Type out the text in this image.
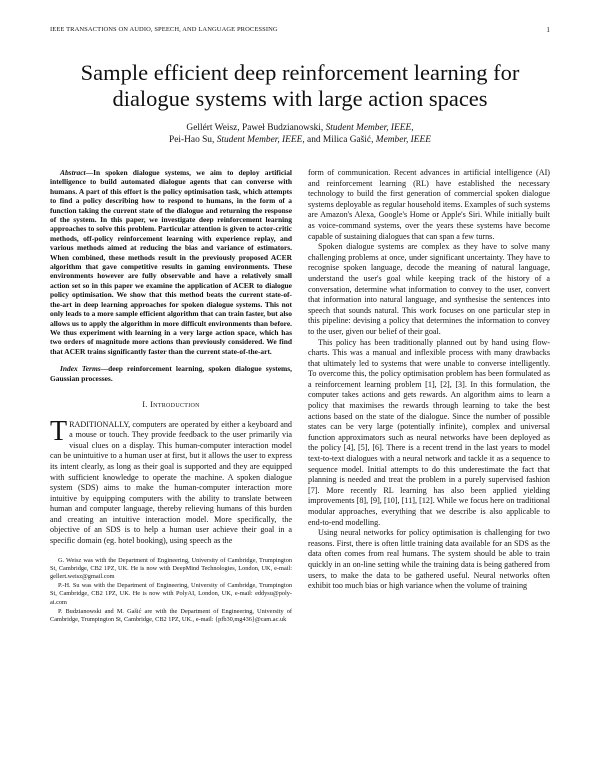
IEEE TRANSACTIONS ON AUDIO, SPEECH, AND LANGUAGE PROCESSING	1
Sample efficient deep reinforcement learning for dialogue systems with large action spaces
Gellért Weisz, Paweł Budzianowski, Student Member, IEEE,
Pei-Hao Su, Student Member, IEEE, and Milica Gašić, Member, IEEE

Abstract—In spoken dialogue systems, we aim to deploy artificial intelligence to build automated dialogue agents that can converse with humans. A part of this effort is the policy optimisation task, which attempts to find a policy describing how to respond to humans, in the form of a function taking the current state of the dialogue and returning the response of the system. In this paper, we investigate deep reinforcement learning approaches to solve this problem. Particular attention is given to actor-critic methods, off-policy reinforcement learning with experience replay, and various methods aimed at reducing the bias and variance of estimators. When combined, these methods result in the previously proposed ACER algorithm that gave competitive results in gaming environments. These environments however are fully observable and have a relatively small action set so in this paper we examine the application of ACER to dialogue policy optimisation. We show that this method beats the current state-of-the-art in deep learning approaches for spoken dialogue systems. This not only leads to a more sample efficient algorithm that can train faster, but also allows us to apply the algorithm in more difficult environments than before. We thus experiment with learning in a very large action space, which has two orders of magnitude more actions than previously considered. We find that ACER trains significantly faster than the current state-of-the-art.

Index Terms—deep reinforcement learning, spoken dialogue systems, Gaussian processes.

I. Introduction

TRADITIONALLY, computers are operated by either a keyboard and a mouse or touch. They provide feedback to the user primarily via visual clues on a display. This human-computer interaction model can be unintuitive to a human user at first, but it allows the user to express its intent clearly, as long as their goal is supported and they are equipped with sufficient knowledge to operate the machine. A spoken dialogue system (SDS) aims to make the human-computer interaction more intuitive by equipping computers with the ability to translate between human and computer language, thereby relieving humans of this burden and creating an intuitive interaction model. More specifically, the objective of an SDS is to help a human user achieve their goal in a specific domain (eg. hotel booking), using speech as the

G. Weisz was with the Department of Engineering, University of Cambridge, Trumpington St, Cambridge, CB2 1PZ, UK. He is now with DeepMind Technologies, London, UK, e-mail: gellert.weisz@gmail.com

P.-H. Su was with the Department of Engineering, University of Cambridge, Trumpington St, Cambridge, CB2 1PZ, UK. He is now with PolyAI, London, UK, e-mail: eddysu@poly-ai.com

P. Budzianowski and M. Gašić are with the Department of Engineering, University of Cambridge, Trumpington St, Cambridge, CB2 1PZ, UK., e-mail: {pfb30,mg436}@cam.ac.uk

form of communication. Recent advances in artificial intelligence (AI) and reinforcement learning (RL) have established the necessary technology to build the first generation of commercial spoken dialogue systems deployable as regular household items. Examples of such systems are Amazon's Alexa, Google's Home or Apple's Siri. While initially built as voice-command systems, over the years these systems have become capable of sustaining dialogues that can span a few turns.

Spoken dialogue systems are complex as they have to solve many challenging problems at once, under significant uncertainty. They have to recognise spoken language, decode the meaning of natural language, understand the user's goal while keeping track of the history of a conversation, determine what information to convey to the user, convert that information into natural language, and synthesise the sentences into speech that sounds natural. This work focuses on one particular step in this pipeline: devising a policy that determines the information to convey to the user, given our belief of their goal.

This policy has been traditionally planned out by hand using flow-charts. This was a manual and inflexible process with many drawbacks that ultimately led to systems that were unable to converse intelligently. To overcome this, the policy optimisation problem has been formulated as a reinforcement learning problem [1], [2], [3]. In this formulation, the computer takes actions and gets rewards. An algorithm aims to learn a policy that maximises the rewards through learning to take the best actions based on the state of the dialogue. Since the number of possible states can be very large (potentially infinite), complex and universal function approximators such as neural networks have been deployed as the policy [4], [5], [6]. There is a recent trend in the last years to model text-to-text dialogues with a neural network and tackle it as a sequence to sequence model. Initial attempts to do this underestimate the fact that planning is needed and treat the problem in a purely supervised fashion [7]. More recently RL learning has also been applied yielding improvements [8], [9], [10], [11], [12]. While we focus here on traditional modular approaches, everything that we describe is also applicable to end-to-end modelling.

Using neural networks for policy optimisation is challenging for two reasons. First, there is often little training data available for an SDS as the data often comes from real humans. The system should be able to train quickly in an on-line setting while the training data is being gathered from users, to make the data to be gathered useful. Neural networks often exhibit too much bias or high variance when the volume of training
